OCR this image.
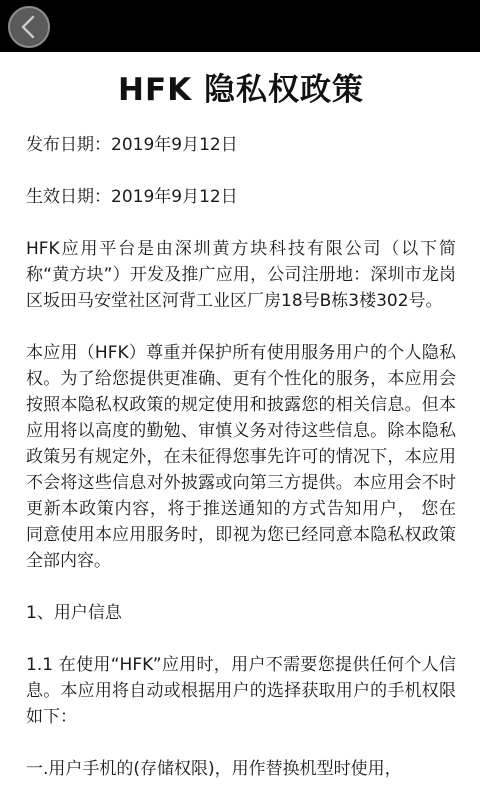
HFK 隐私权政策
发布日期：2019年9月12日
生效日期：2019年9月12日
HFK应用平台是由深圳黄方块科技有限公司（以下简称“黄方块”）开发及推广应用，公司注册地：深圳市龙岗区坂田马安堂社区河背工业区厂房18号B栋3楼302号。
本应用（HFK）尊重并保护所有使用服务用户的个人隐私权。为了给您提供更准确、更有个性化的服务，本应用会按照本隐私权政策的规定使用和披露您的相关信息。但本应用将以高度的勤勉、审慎义务对待这些信息。除本隐私政策另有规定外，在未征得您事先许可的情况下，本应用不会将这些信息对外披露或向第三方提供。本应用会不时更新本政策内容，将于推送通知的方式告知用户， 您在同意使用本应用服务时，即视为您已经同意本隐私权政策全部内容。
1、用户信息
1.1 在使用“HFK”应用时，用户不需要您提供任何个人信息。本应用将自动或根据用户的选择获取用户的手机权限如下：
一.用户手机的(存储权限)，用作替换机型时使用，
